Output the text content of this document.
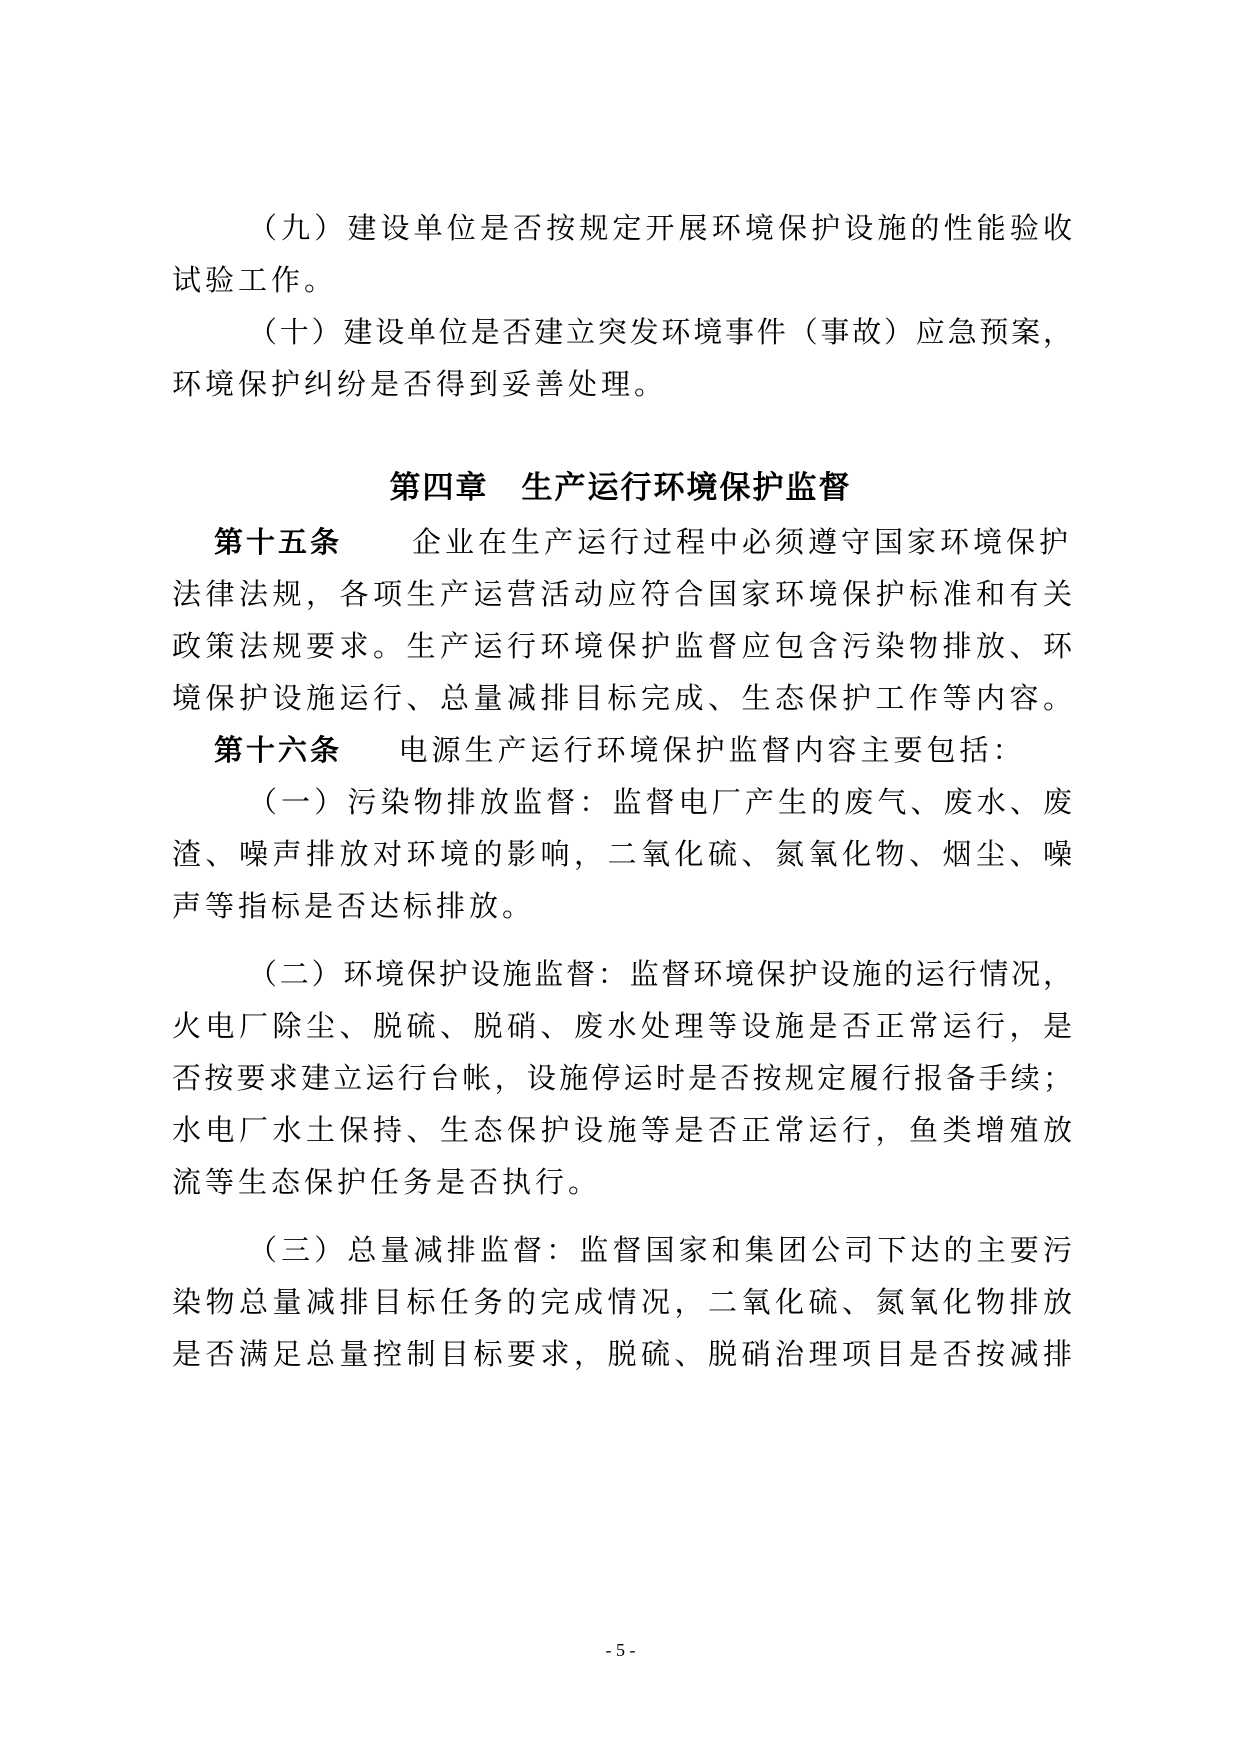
（九）建设单位是否按规定开展环境保护设施的性能验收
试验工作。
（十）建设单位是否建立突发环境事件（事故）应急预案，
环境保护纠纷是否得到妥善处理。
第四章　生产运行环境保护监督
第十五条 企业在生产运行过程中必须遵守国家环境保护
法律法规，各项生产运营活动应符合国家环境保护标准和有关
政策法规要求。生产运行环境保护监督应包含污染物排放、环
境保护设施运行、总量减排目标完成、生态保护工作等内容。
第十六条 电源生产运行环境保护监督内容主要包括：
（一）污染物排放监督：监督电厂产生的废气、废水、废
渣、噪声排放对环境的影响，二氧化硫、氮氧化物、烟尘、噪
声等指标是否达标排放。
（二）环境保护设施监督：监督环境保护设施的运行情况，
火电厂除尘、脱硫、脱硝、废水处理等设施是否正常运行，是
否按要求建立运行台帐，设施停运时是否按规定履行报备手续；
水电厂水土保持、生态保护设施等是否正常运行，鱼类增殖放
流等生态保护任务是否执行。
（三）总量减排监督：监督国家和集团公司下达的主要污
染物总量减排目标任务的完成情况，二氧化硫、氮氧化物排放
是否满足总量控制目标要求，脱硫、脱硝治理项目是否按减排
- 5 -
